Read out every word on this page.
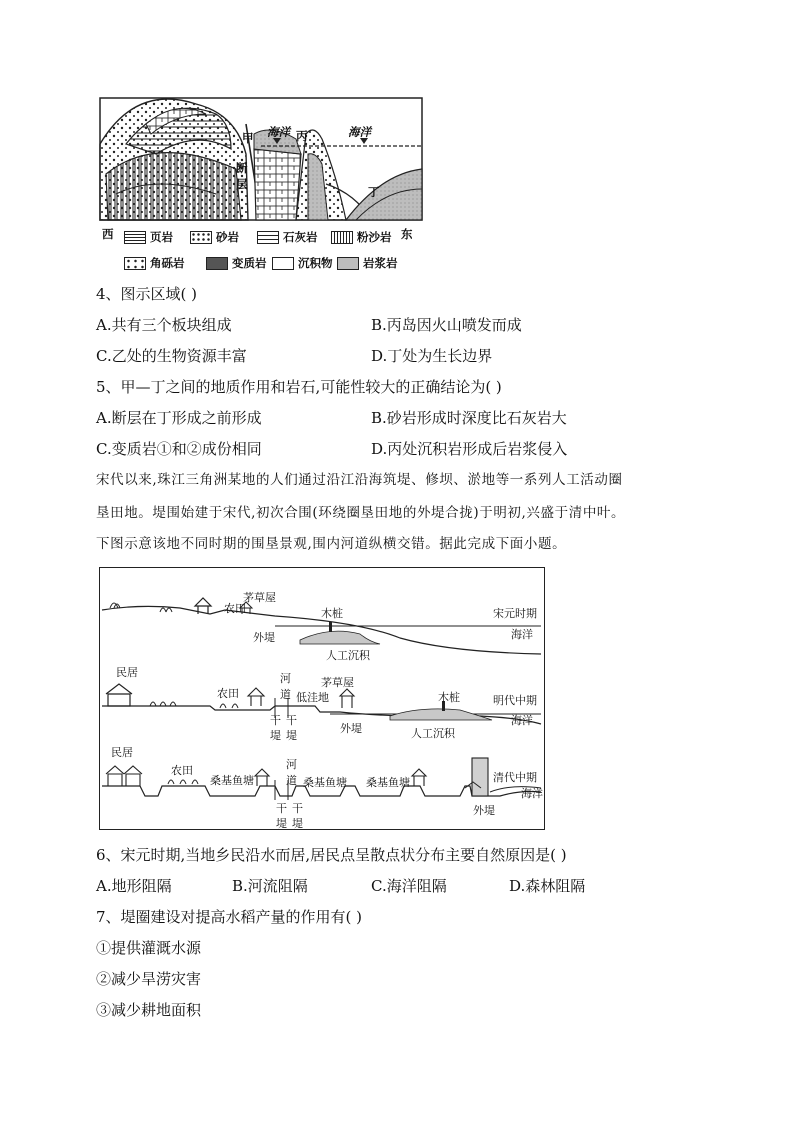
甲 海洋 丙	海洋
断
层
丁
西	东
页岩	砂岩	石灰岩	粉沙岩
角砾岩	变质岩	沉积物	岩浆岩
4、图示区域( )
A.共有三个板块组成	B.丙岛因火山喷发而成
C.乙处的生物资源丰富	D.丁处为生长边界
5、甲—丁之间的地质作用和岩石,可能性较大的正确结论为( )
A.断层在丁形成之前形成	B.砂岩形成时深度比石灰岩大
C.变质岩①和②成份相同	D.丙处沉积岩形成后岩浆侵入
宋代以来,珠江三角洲某地的人们通过沿江沿海筑堤、修坝、淤地等一系列人工活动圈
垦田地。堤围始建于宋代,初次合围(环绕圈垦田地的外堤合拢)于明初,兴盛于清中叶。
下图示意该地不同时期的围垦景观,围内河道纵横交错。据此完成下面小题。
茅草屋
农田	木桩
外堤
人工沉积
宋元时期
海洋
民居
农田
河
道 低洼地
茅草屋
木桩	明代中期
海洋
干 干
堤 堤
外堤	人工沉积
民居
农田
桑基鱼塘
河
道 桑基鱼塘 桑基鱼塘	清代中期
海洋
干 干
堤 堤
外堤
6、宋元时期,当地乡民沿水而居,居民点呈散点状分布主要自然原因是( )
A.地形阻隔	B.河流阻隔	C.海洋阻隔	D.森林阻隔
7、堤圈建设对提高水稻产量的作用有( )
①提供灌溉水源
②减少旱涝灾害
③减少耕地面积
